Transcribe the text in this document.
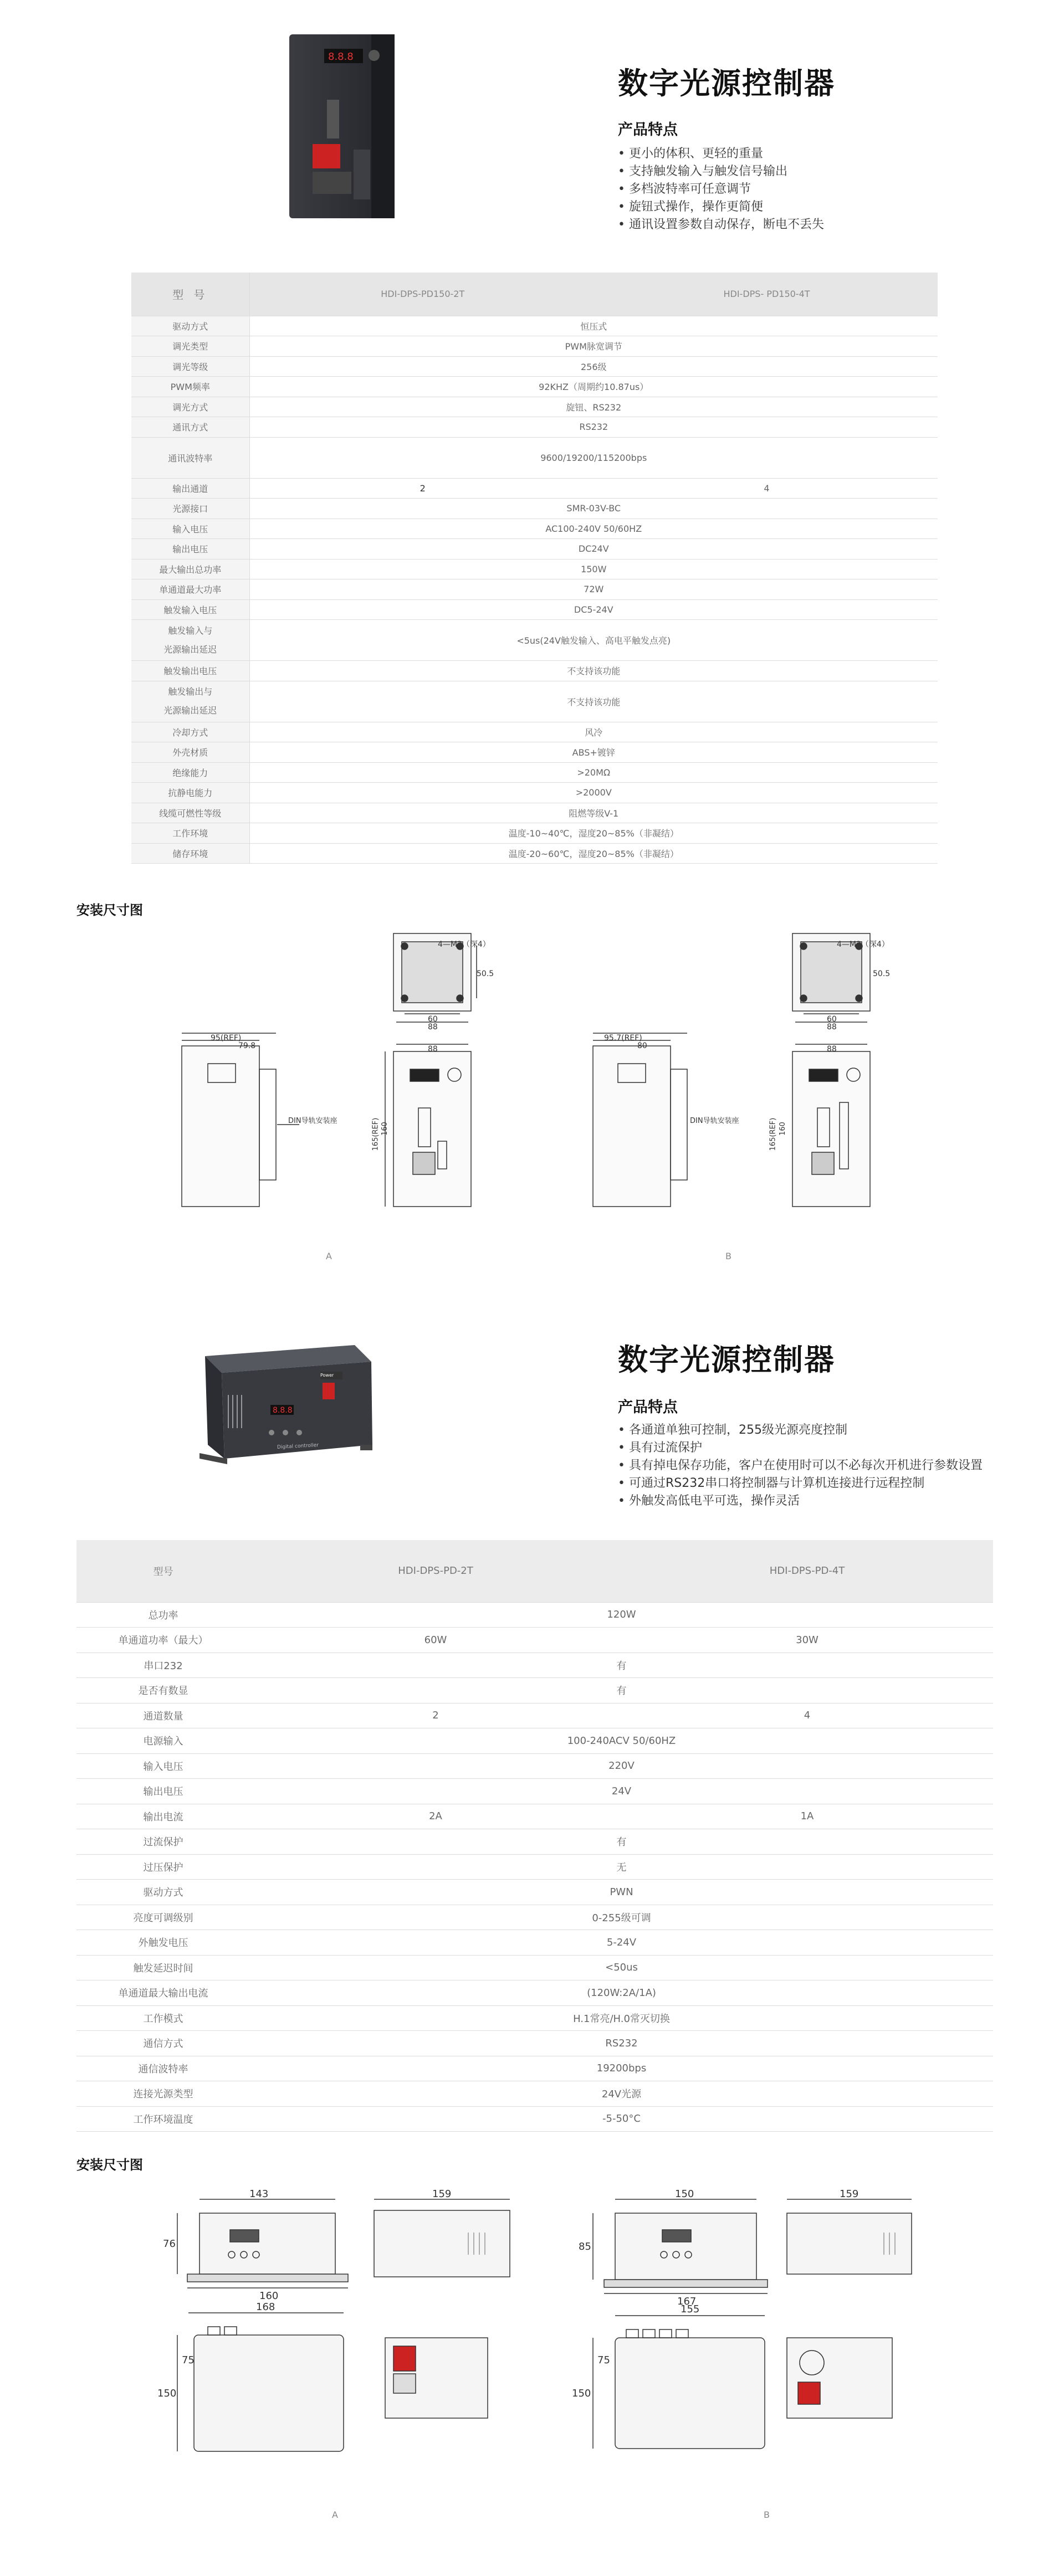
8.8.8
数字光源控制器
产品特点
• 更小的体积、更轻的重量
• 支持触发输入与触发信号输出
• 多档波特率可任意调节
• 旋钮式操作，操作更简便
• 通讯设置参数自动保存，断电不丢失
型 号	HDI-DPS-PD150-2T	HDI-DPS- PD150-4T
驱动方式	恒压式	
调光类型	PWM脉宽调节	
调光等级	256级	
PWM频率	92KHZ（周期约10.87us）	
调光方式	旋钮、RS232	
通讯方式	RS232	
通讯波特率	9600/19200/115200bps	
输出通道	2	4
光源接口	SMR-03V-BC	
输入电压	AC100-240V 50/60HZ	
输出电压	DC24V	
最大输出总功率	150W	
单通道最大功率	72W	
触发输入电压	DC5-24V	
触发输入与
光源输出延迟	<5us(24V触发输入、高电平触发点亮)	
触发输出电压	不支持该功能	
触发输出与
光源输出延迟	不支持该功能	
冷却方式	风冷	
外壳材质	ABS+镀锌	
绝缘能力	>20MΩ	
抗静电能力	>2000V	
线缆可燃性等级	阻燃等级V-1	
工作环境	温度-10~40℃，湿度20~85%（非凝结）	
储存环境	温度-20~60℃，湿度20~85%（非凝结）	
安装尺寸图
4—M3（深4）
50.5
60
88
88
95(REF)
79.8
DIN导轨安装座	165(REF) 160
A
4—M3（深4）
50.5
60
88
88
95.7(REF)
80
DIN导轨安装座	165(REF) 160
B
8.8.8
Digital controller
Power	数字光源控制器
产品特点
• 各通道单独可控制，255级光源亮度控制
• 具有过流保护
• 具有掉电保存功能，客户在使用时可以不必每次开机进行参数设置
• 可通过RS232串口将控制器与计算机连接进行远程控制
• 外触发高低电平可选，操作灵活
型号	HDI-DPS-PD-2T	HDI-DPS-PD-4T
总功率	120W	
单通道功率（最大）	60W	30W
串口232	有	
是否有数显	有	
通道数量	2	4
电源输入	100-240ACV 50/60HZ	
输入电压	220V	
输出电压	24V	
输出电流	2A	1A
过流保护	有	
过压保护	无	
驱动方式	PWN	
亮度可调级别	0-255级可调	
外触发电压	5-24V	
触发延迟时间	<50us	
单通道最大输出电流	(120W:2A/1A)	
工作模式	H.1常亮/H.0常灭切换	
通信方式	RS232	
通信波特率	19200bps	
连接光源类型	24V光源	
工作环境温度	-5-50°C	
安装尺寸图
143	159
76
160
168
75
150
A
150	159
85
167
155
75
150
B
